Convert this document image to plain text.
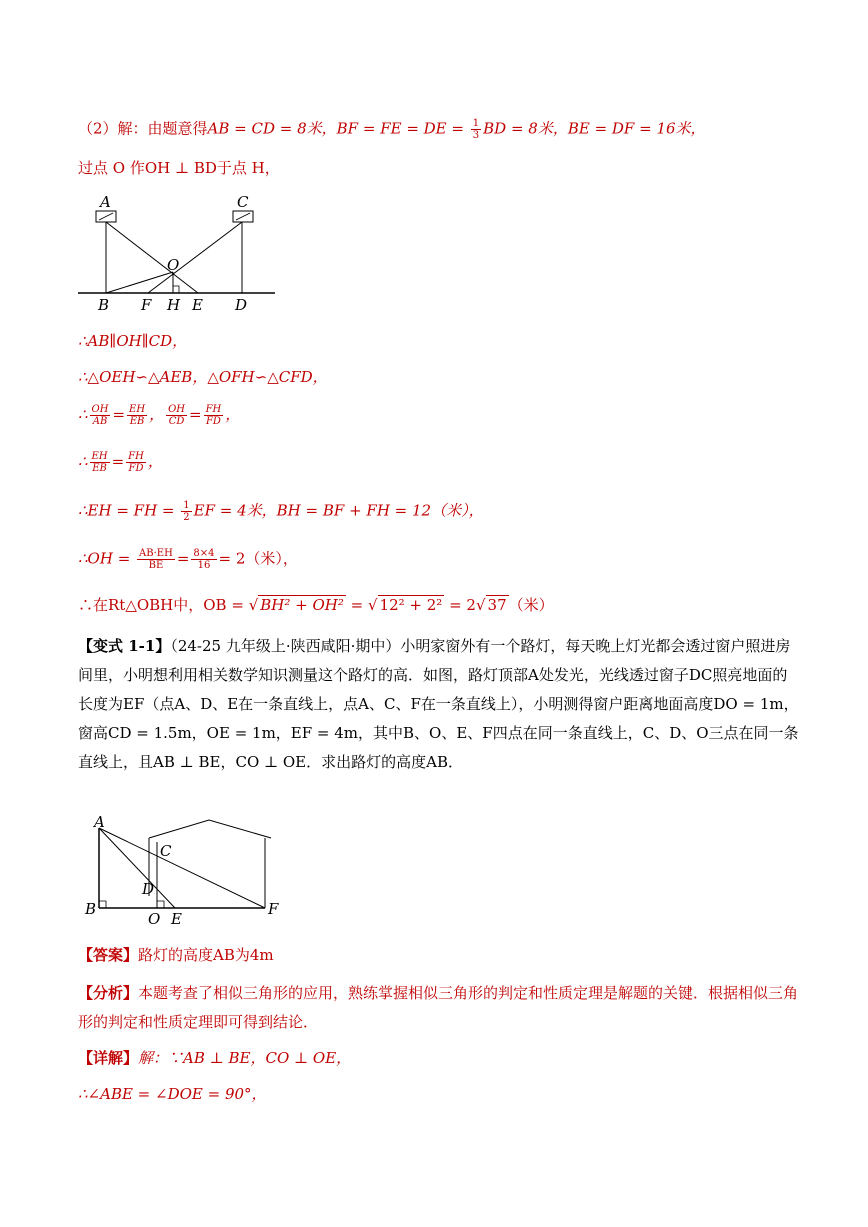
（2）解：由题意得AB = CD = 8米，BF = FE = DE = $\frac{1}{3}$ BD = 8米，BE = DF = 16米，
过点 O 作OH ⊥ BD于点 H，
A	C
O
B F H E D
∴AB∥OH∥CD，
∴△OEH∽△AEB，△OFH∽△CFD，
∴ $\frac{OH}{AB} = \frac{EH}{EB}$ ， $\frac{OH}{CD} = \frac{FH}{FD}$ ，
∴ $\frac{EH}{EB} = \frac{FH}{FD}$ ，
∴EH = FH = $\frac{1}{2}$ EF = 4米，BH = BF + FH = 12（米），
∴OH = $\frac{AB\cdot EH}{BE} = \frac{8\times 4}{16} = 2$（米），
∴在Rt△OBH中，OB = √ BH² + OH² = √ 12² + 2² = 2√ 37 （米）
【变式 1-1】（24-25 九年级上·陕西咸阳·期中）小明家窗外有一个路灯，每天晚上灯光都会透过窗户照进房间里，小明想利用相关数学知识测量这个路灯的高．如图，路灯顶部A处发光，光线透过窗子DC照亮地面的长度为EF（点A、D、E在一条直线上，点A、C、F在一条直线上），小明测得窗户距离地面高度DO = 1m，窗高CD = 1.5m，OE = 1m，EF = 4m，其中B、O、E、F四点在同一条直线上，C、D、O三点在同一条直线上，且AB ⊥ BE，CO ⊥ OE．求出路灯的高度AB．
A
C
D
B
O E
F
【答案】路灯的高度AB为4m
【分析】本题考查了相似三角形的应用，熟练掌握相似三角形的判定和性质定理是解题的关键．根据相似三角形的判定和性质定理即可得到结论．
【详解】解：∵AB ⊥ BE，CO ⊥ OE，
∴∠ABE = ∠DOE = 90°，
